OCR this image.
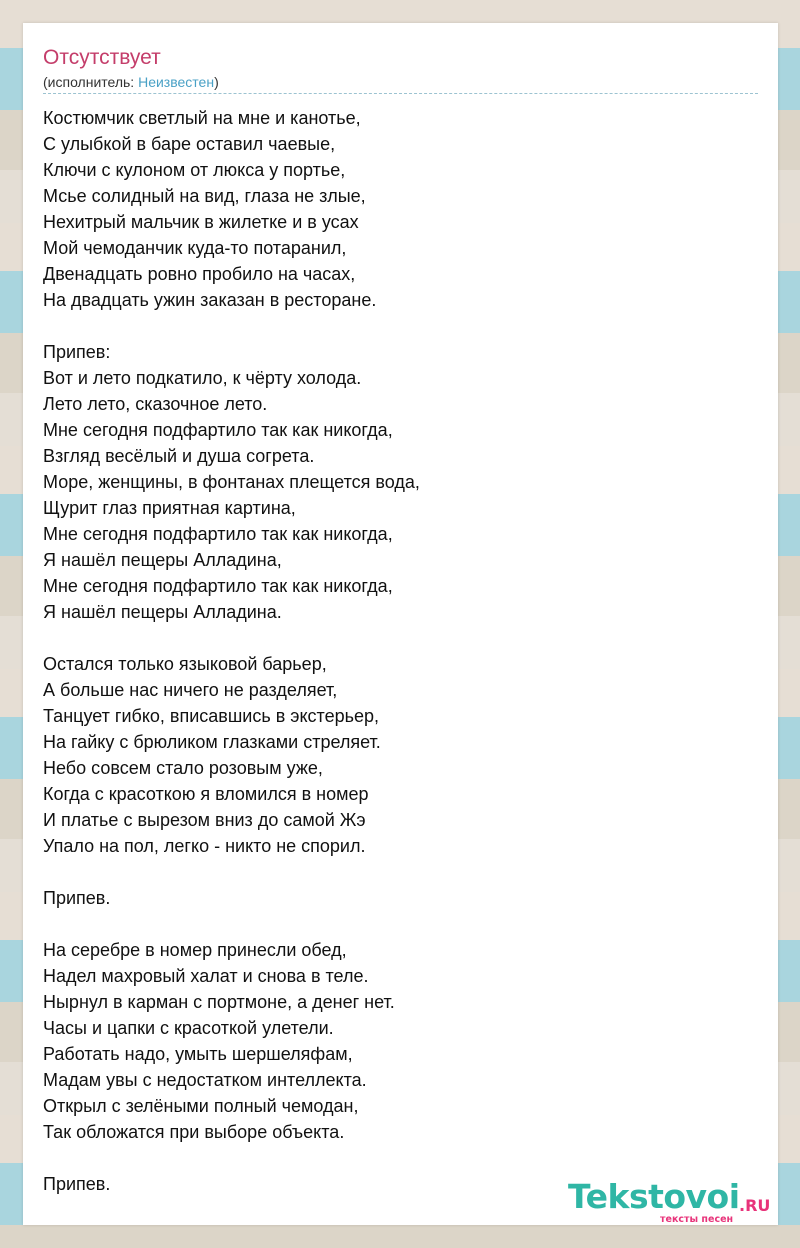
Отсутствует
(исполнитель: Неизвестен)
Костюмчик светлый на мне и канотье,
С улыбкой в баре оставил чаевые,
Ключи с кулоном от люкса у портье,
Мсье солидный на вид, глаза не злые,
Нехитрый мальчик в жилетке и в усах
Мой чемоданчик куда-то потаранил,
Двенадцать ровно пробило на часах,
На двадцать ужин заказан в ресторане.
Припев:
Вот и лето подкатило, к чёрту холода.
Лето лето, сказочное лето.
Мне сегодня подфартило так как никогда,
Взгляд весёлый и душа согрета.
Море, женщины, в фонтанах плещется вода,
Щурит глаз приятная картина,
Мне сегодня подфартило так как никогда,
Я нашёл пещеры Алладина,
Мне сегодня подфартило так как никогда,
Я нашёл пещеры Алладина.
Остался только языковой барьер,
А больше нас ничего не разделяет,
Танцует гибко, вписавшись в экстерьер,
На гайку с брюликом глазками стреляет.
Небо совсем стало розовым уже,
Когда с красоткою я вломился в номер
И платье с вырезом вниз до самой Жэ
Упало на пол, легко - никто не спорил.
Припев.
На серебре в номер принесли обед,
Надел махровый халат и снова в теле.
Нырнул в карман с портмоне, а денег нет.
Часы и цапки с красоткой улетели.
Работать надо, умыть шершеляфам,
Мадам увы с недостатком интеллекта.
Открыл с зелёными полный чемодан,
Так обложатся при выборе объекта.
Припев.	Tekstovoi .RU
тексты песен
